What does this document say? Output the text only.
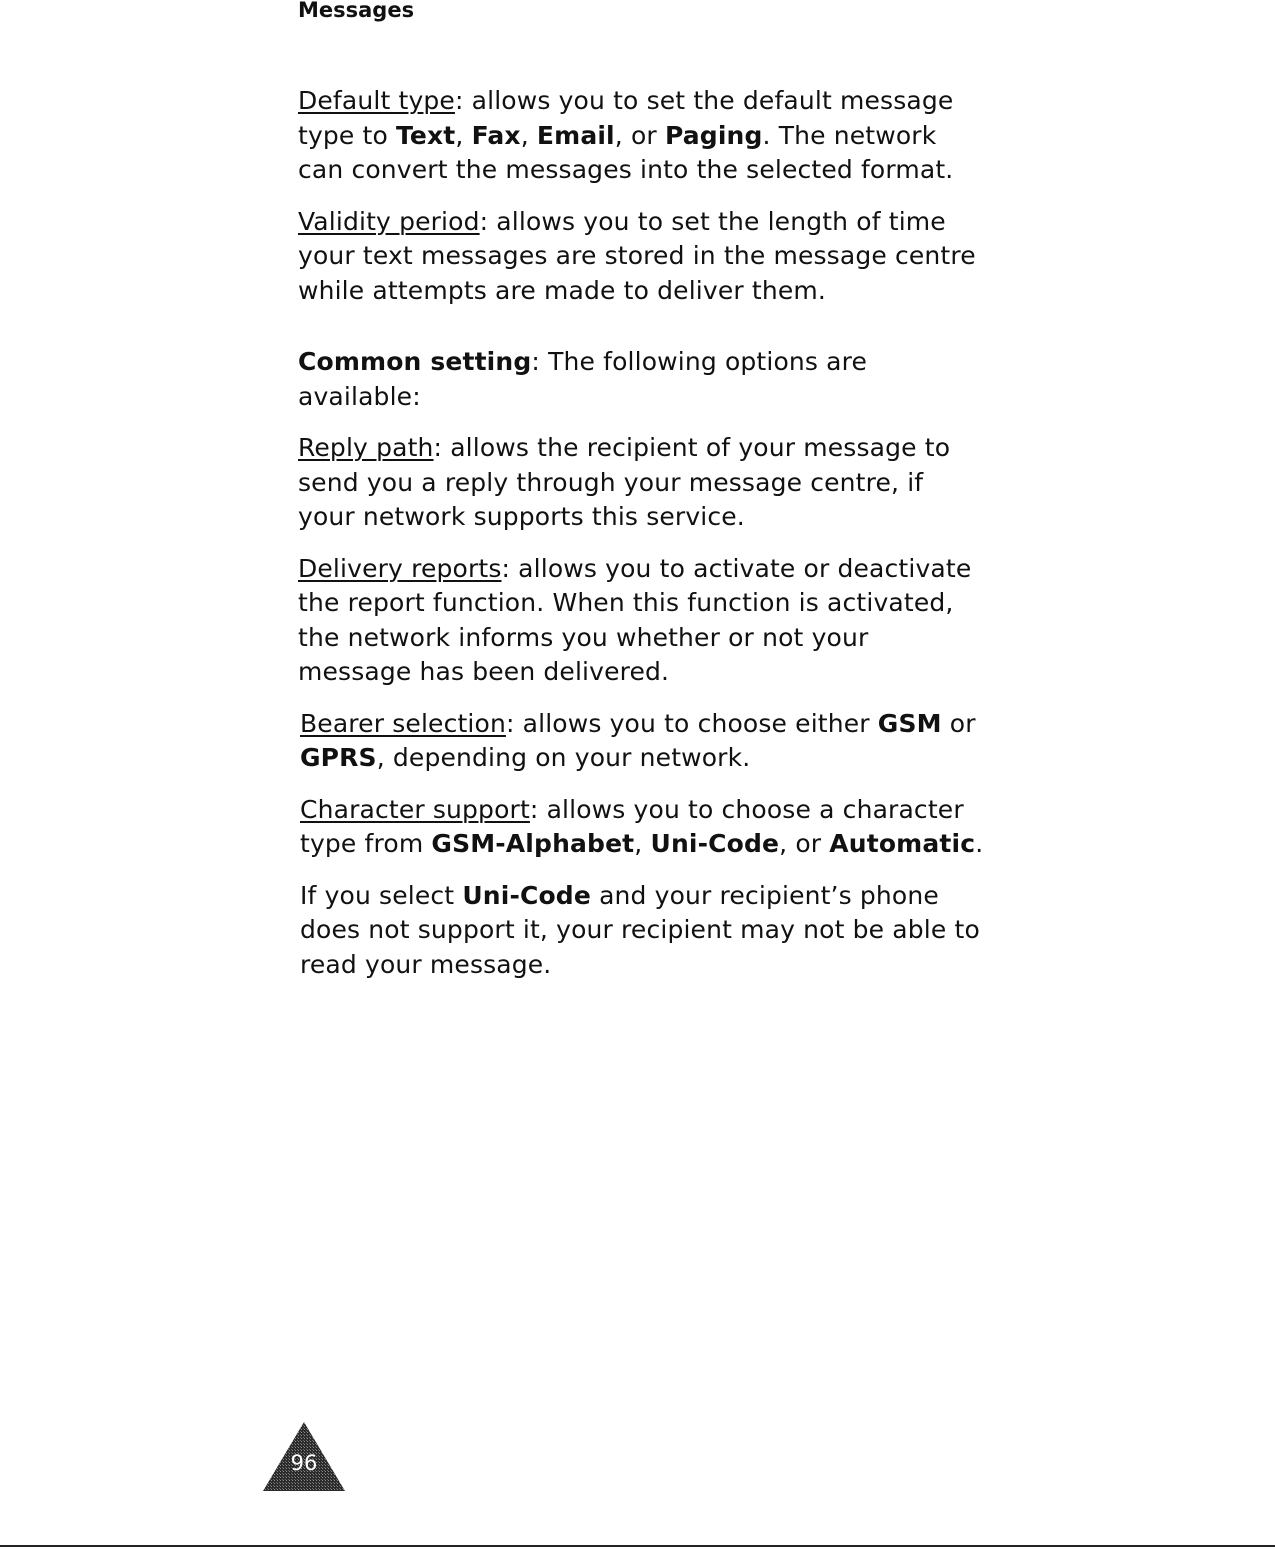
Messages

Default type: allows you to set the default message type to Text, Fax, Email, or Paging. The network can convert the messages into the selected format.

Validity period: allows you to set the length of time your text messages are stored in the message centre while attempts are made to deliver them.

Common setting: The following options are available:

Reply path: allows the recipient of your message to send you a reply through your message centre, if your network supports this service.

Delivery reports: allows you to activate or deactivate the report function. When this function is activated, the network informs you whether or not your message has been delivered.

Bearer selection: allows you to choose either GSM or GPRS, depending on your network.

Character support: allows you to choose a character type from GSM-Alphabet, Uni-Code, or Automatic.

If you select Uni-Code and your recipient’s phone does not support it, your recipient may not be able to read your message.

96
